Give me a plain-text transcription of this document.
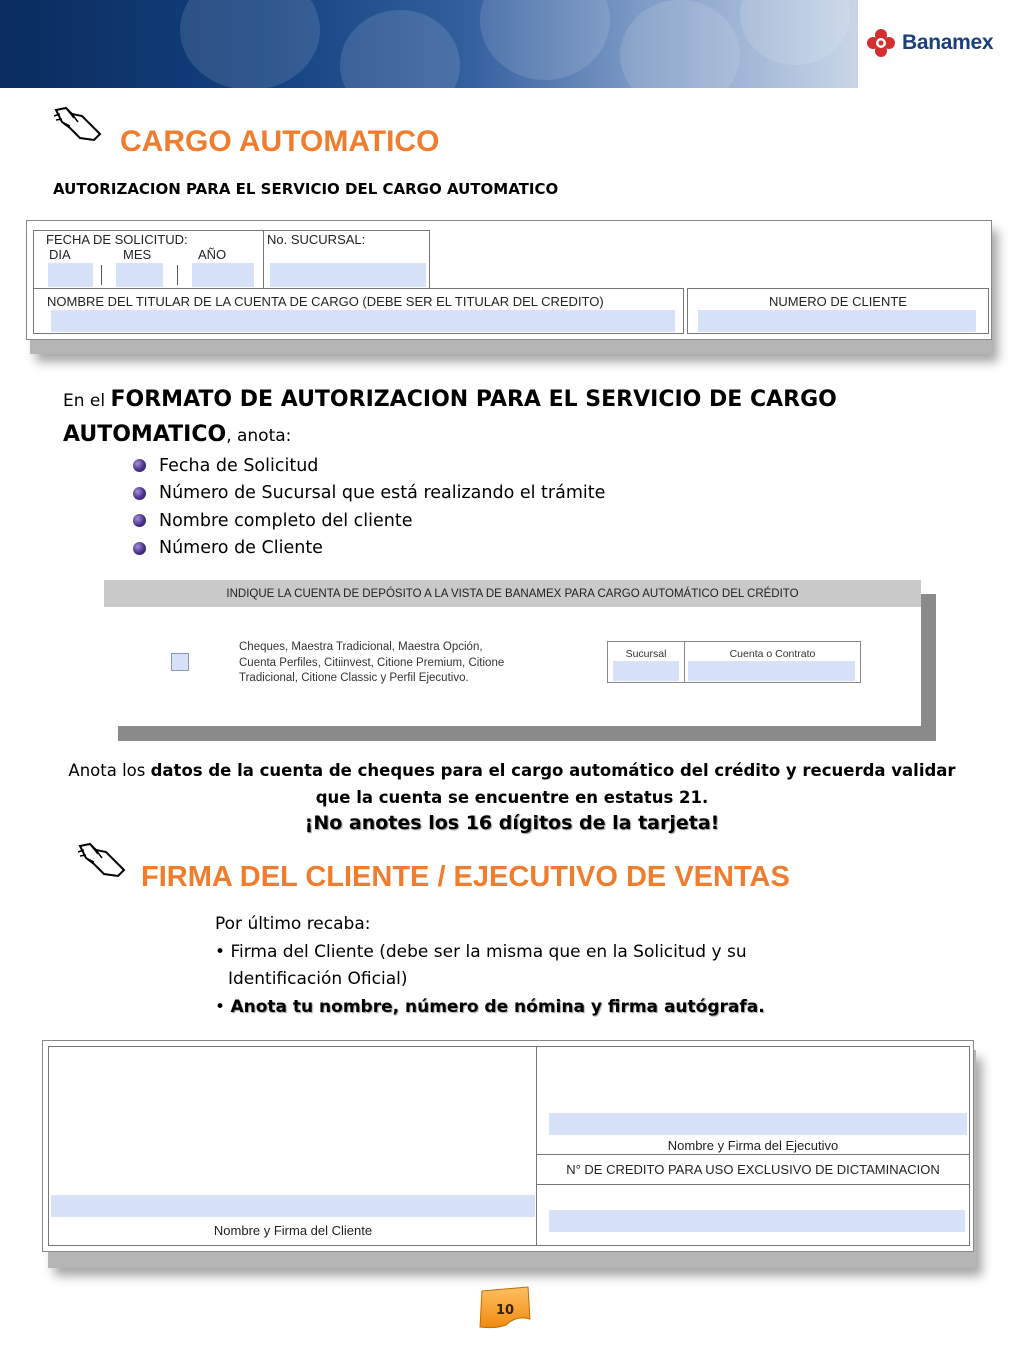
Banamex
CARGO AUTOMATICO
AUTORIZACION PARA EL SERVICIO DEL CARGO AUTOMATICO
FECHA DE SOLICITUD:
DIA	MES	AÑO
No. SUCURSAL:
NOMBRE DEL TITULAR DE LA CUENTA DE CARGO (DEBE SER EL TITULAR DEL CREDITO)	NUMERO DE CLIENTE
En el FORMATO DE AUTORIZACION PARA EL SERVICIO DE CARGO
AUTOMATICO, anota:
Fecha de Solicitud
Número de Sucursal que está realizando el trámite
Nombre completo del cliente
Número de Cliente
INDIQUE LA CUENTA DE DEPÓSITO A LA VISTA DE BANAMEX PARA CARGO AUTOMÁTICO DEL CRÉDITO
Cheques, Maestra Tradicional, Maestra Opción,
Cuenta Perfiles, Citiinvest, Citione Premium, Citione
Tradicional, Citione Classic y Perfil Ejecutivo.
Sucursal	Cuenta o Contrato
Anota los datos de la cuenta de cheques para el cargo automático del crédito y recuerda validar
que la cuenta se encuentre en estatus 21.
¡No anotes los 16 dígitos de la tarjeta!
FIRMA DEL CLIENTE / EJECUTIVO DE VENTAS
Por último recaba:
• Firma del Cliente (debe ser la misma que en la Solicitud y su
Identificación Oficial)
• Anota tu nombre, número de nómina y firma autógrafa.
Nombre y Firma del Cliente
Nombre y Firma del Ejecutivo
N° DE CREDITO PARA USO EXCLUSIVO DE DICTAMINACION
10
